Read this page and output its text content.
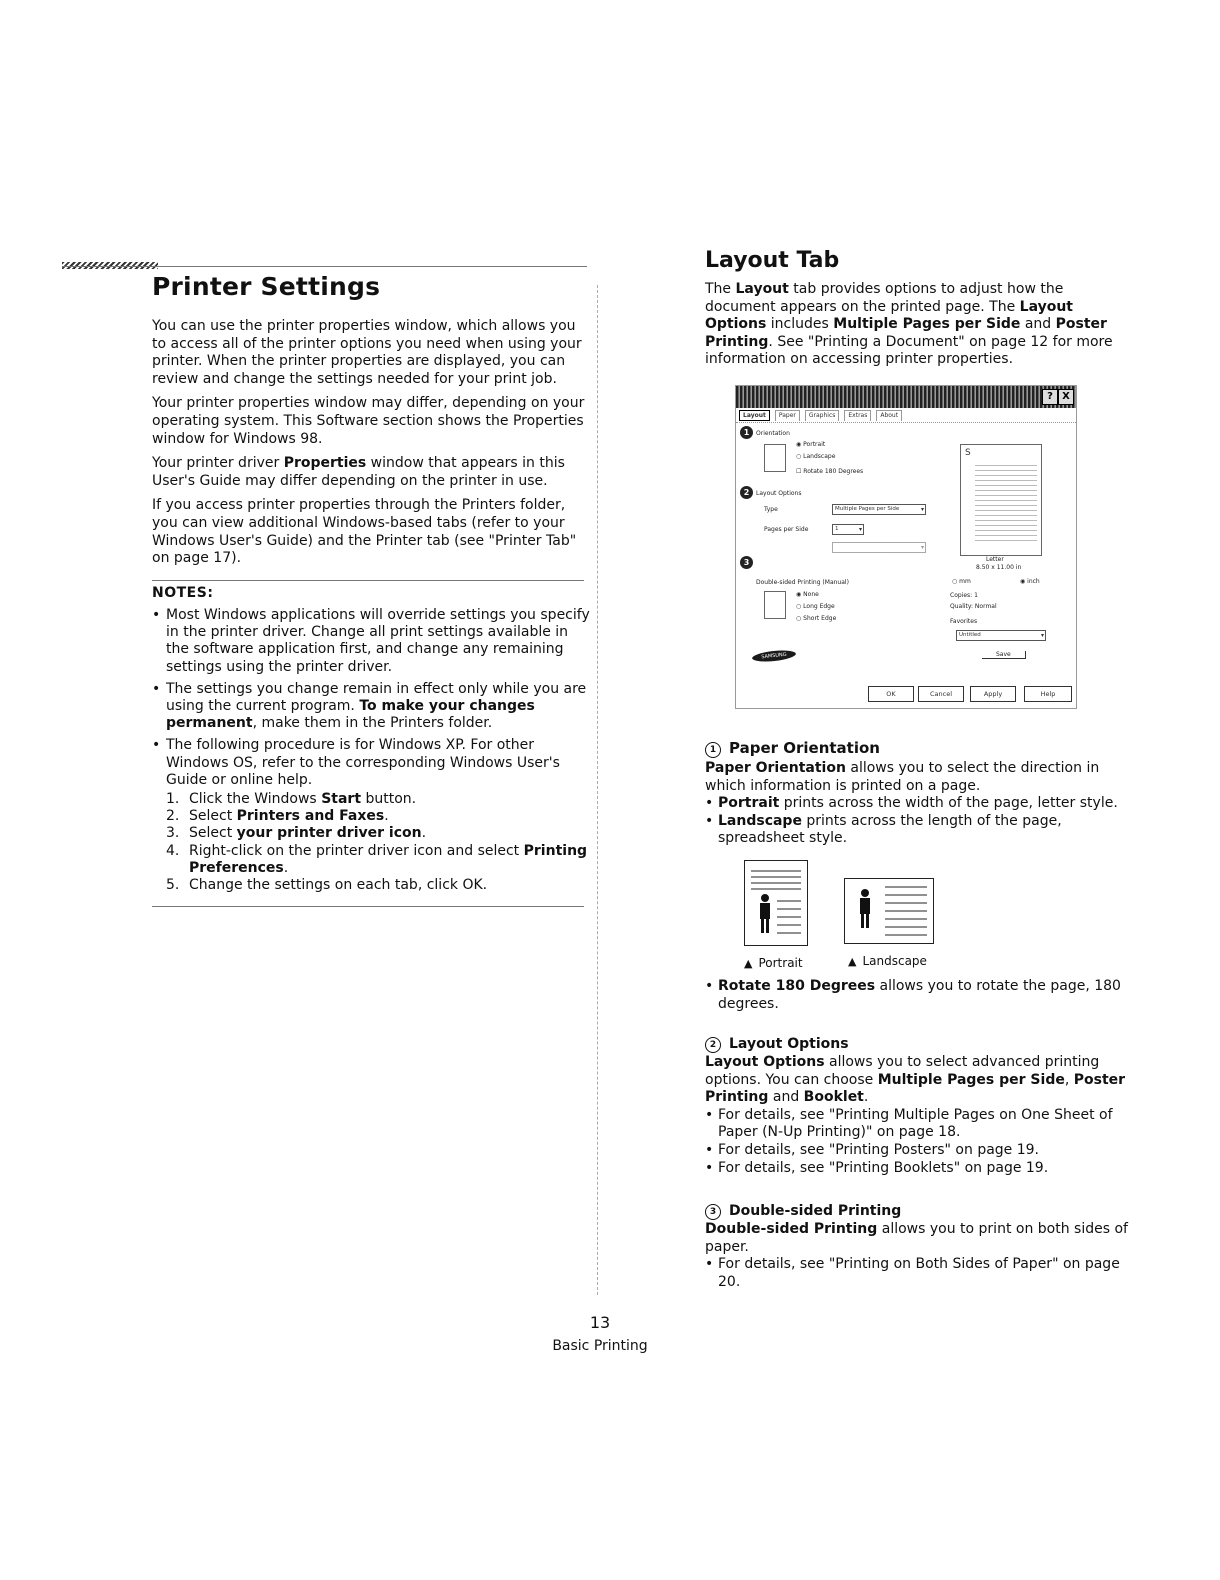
Printer Settings

You can use the printer properties window, which allows you to access all of the printer options you need when using your printer. When the printer properties are displayed, you can review and change the settings needed for your print job.

Your printer properties window may differ, depending on your operating system. This Software section shows the Properties window for Windows 98.

Your printer driver Properties window that appears in this User's Guide may differ depending on the printer in use.

If you access printer properties through the Printers folder, you can view additional Windows-based tabs (refer to your Windows User's Guide) and the Printer tab (see "Printer Tab" on page 17).

NOTES:
• Most Windows applications will override settings you specify in the printer driver. Change all print settings available in the software application first, and change any remaining settings using the printer driver.
• The settings you change remain in effect only while you are using the current program. To make your changes permanent, make them in the Printers folder.
• The following procedure is for Windows XP. For other Windows OS, refer to the corresponding Windows User's Guide or online help.
1. Click the Windows Start button.
2. Select Printers and Faxes.
3. Select your printer driver icon.
4. Right-click on the printer driver icon and select Printing Preferences.
5. Change the settings on each tab, click OK.
Layout Tab

The Layout tab provides options to adjust how the document appears on the printed page. The Layout Options includes Multiple Pages per Side and Poster Printing. See "Printing a Document" on page 12 for more information on accessing printer properties.

? X
Layout	Paper	Graphics	Extras	About
1	Orientation
◉ Portrait
○ Landscape
☐ Rotate 180 Degrees
2	Layout Options
Type	Multiple Pages per Side ▾
Pages per Side	1 ▾
▾
Double-sided Printing (Manual)
3
◉ None
○ Long Edge
○ Short Edge
S
Letter
8.50 x 11.00 in
○ mm	◉ inch
Copies: 1
Quality: Normal
Favorites
Untitled ▾
Save
SAMSUNG
OK	Cancel	Apply	Help
1 Paper Orientation

Paper Orientation allows you to select the direction in which information is printed on a page.

• Portrait prints across the width of the page, letter style.
• Landscape prints across the length of the page, spreadsheet style.
▲ Portrait	▲ Landscape
• Rotate 180 Degrees allows you to rotate the page, 180 degrees.
2 Layout Options

Layout Options allows you to select advanced printing options. You can choose Multiple Pages per Side, Poster Printing and Booklet.

• For details, see "Printing Multiple Pages on One Sheet of Paper (N-Up Printing)" on page 18.
• For details, see "Printing Posters" on page 19.
• For details, see "Printing Booklets" on page 19.
3 Double-sided Printing

Double-sided Printing allows you to print on both sides of paper.

• For details, see "Printing on Both Sides of Paper" on page 20.
13
Basic Printing
